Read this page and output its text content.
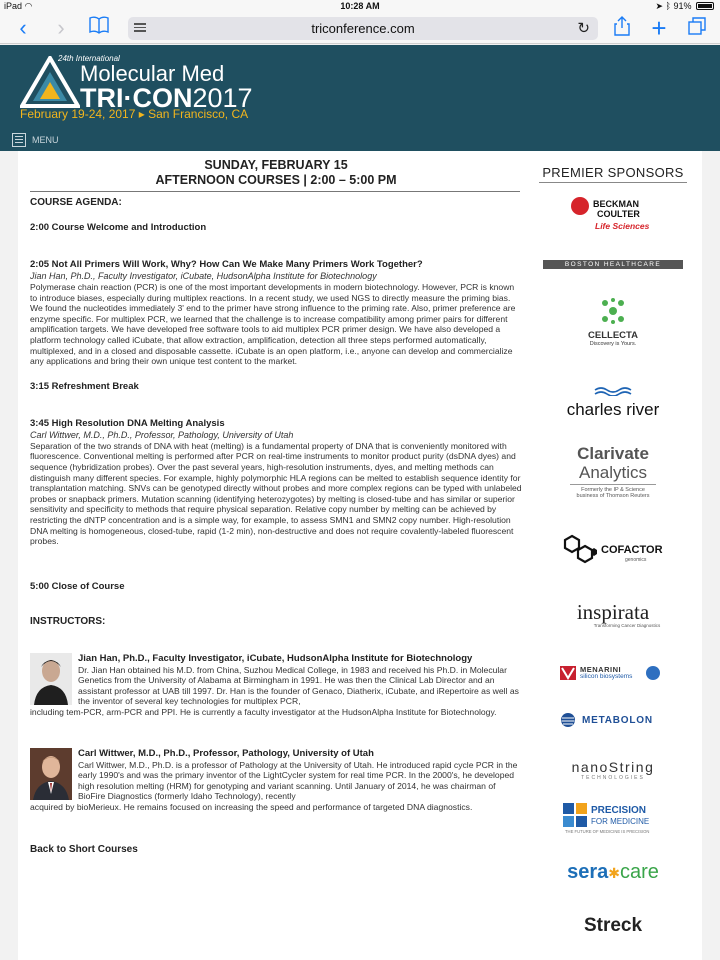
iPad ◠	10:28 AM	➤ ᛒ 91%
‹	›	triconference.com	↻ +
24th International
Molecular Med
TRI·CON2017
February 19-24, 2017 ▸ San Francisco, CA
MENU
SUNDAY, FEBRUARY 15
AFTERNOON COURSES | 2:00 – 5:00 PM
COURSE AGENDA:
2:00 Course Welcome and Introduction
2:05 Not All Primers Will Work, Why? How Can We Make Many Primers Work Together?
Jian Han, Ph.D., Faculty Investigator, iCubate, HudsonAlpha Institute for Biotechnology
Polymerase chain reaction (PCR) is one of the most important developments in modern biotechnology. However, PCR is known to introduce biases, especially during multiplex reactions. In a recent study, we used NGS to directly measure the priming bias. We found the nucleotides immediately 3' end to the primer have strong influence to the priming rate. Also, primer preference are enzyme specific. For multiplex PCR, we learned that the challenge is to increase compatibility among primer pairs for different amplification targets. We have developed free software tools to aid multiplex PCR primer design. We have also developed a platform technology called iCubate, that allow extraction, amplification, detection all three steps performed automatically, multiplexed, and in a closed and disposable cassette. iCubate is an open platform, i.e., anyone can develop and commercialize any applications and bring their own unique test content to the market.
3:15 Refreshment Break
3:45 High Resolution DNA Melting Analysis
Carl Wittwer, M.D., Ph.D., Professor, Pathology, University of Utah
Separation of the two strands of DNA with heat (melting) is a fundamental property of DNA that is conveniently monitored with fluorescence. Conventional melting is performed after PCR on real-time instruments to monitor product purity (dsDNA dyes) and sequence (hybridization probes). Over the past several years, high-resolution instruments, dyes, and melting methods can distinguish many different species. For example, highly polymorphic HLA regions can be melted to establish sequence identity for transplantation matching. SNVs can be genotyped directly without probes and more complex regions can be typed with unlabeled probes or snapback primers. Mutation scanning (identifying heterozygotes) by melting is closed-tube and has similar or superior sensitivity and specificity to methods that require physical separation. Relative copy number by melting can be achieved by restricting the dNTP concentration and is a simple way, for example, to assess SMN1 and SMN2 copy number. High-resolution DNA melting is homogeneous, closed-tube, rapid (1-2 min), non-destructive and does not require covalently-labeled fluorescent probes.
5:00 Close of Course
INSTRUCTORS:
Jian Han, Ph.D., Faculty Investigator, iCubate, HudsonAlpha Institute for Biotechnology
Dr. Jian Han obtained his M.D. from China, Suzhou Medical College, in 1983 and received his Ph.D. in Molecular Genetics from the University of Alabama at Birmingham in 1991. He was then the Clinical Lab Director and an assistant professor at UAB till 1997. Dr. Han is the founder of Genaco, Diatherix, iCubate, and iRepertoire as well as the inventor of several key technologies for multiplex PCR,
including tem-PCR, arm-PCR and PPI. He is currently a faculty investigator at the HudsonAlpha Institute for Biotechnology.
Carl Wittwer, M.D., Ph.D., Professor, Pathology, University of Utah
Carl Wittwer, M.D., Ph.D. is a professor of Pathology at the University of Utah. He introduced rapid cycle PCR in the early 1990's and was the primary inventor of the LightCycler system for real time PCR. In the 2000's, he developed high resolution melting (HRM) for genotyping and variant scanning. Until January of 2014, he was chairman of BioFire Diagnostics (formerly Idaho Technology), recently
acquired by bioMerieux. He remains focused on increasing the speed and performance of targeted DNA diagnostics.
Back to Short Courses
PREMIER SPONSORS
BECKMAN
COULTER
Life Sciences
BOSTON HEALTHCARE
CELLECTA
Discovery is Yours.
charles river
Clarivate
Analytics
Formerly the IP & Science
business of Thomson Reuters
COFACTOR
genomics
inspirata
Transforming Cancer Diagnostics
MENARINI
silicon biosystems
METABOLON
nanoString
TECHNOLOGIES
PRECISION
FOR MEDICINE
THE FUTURE OF MEDICINE IS PRECISION
sera✱care
Streck
